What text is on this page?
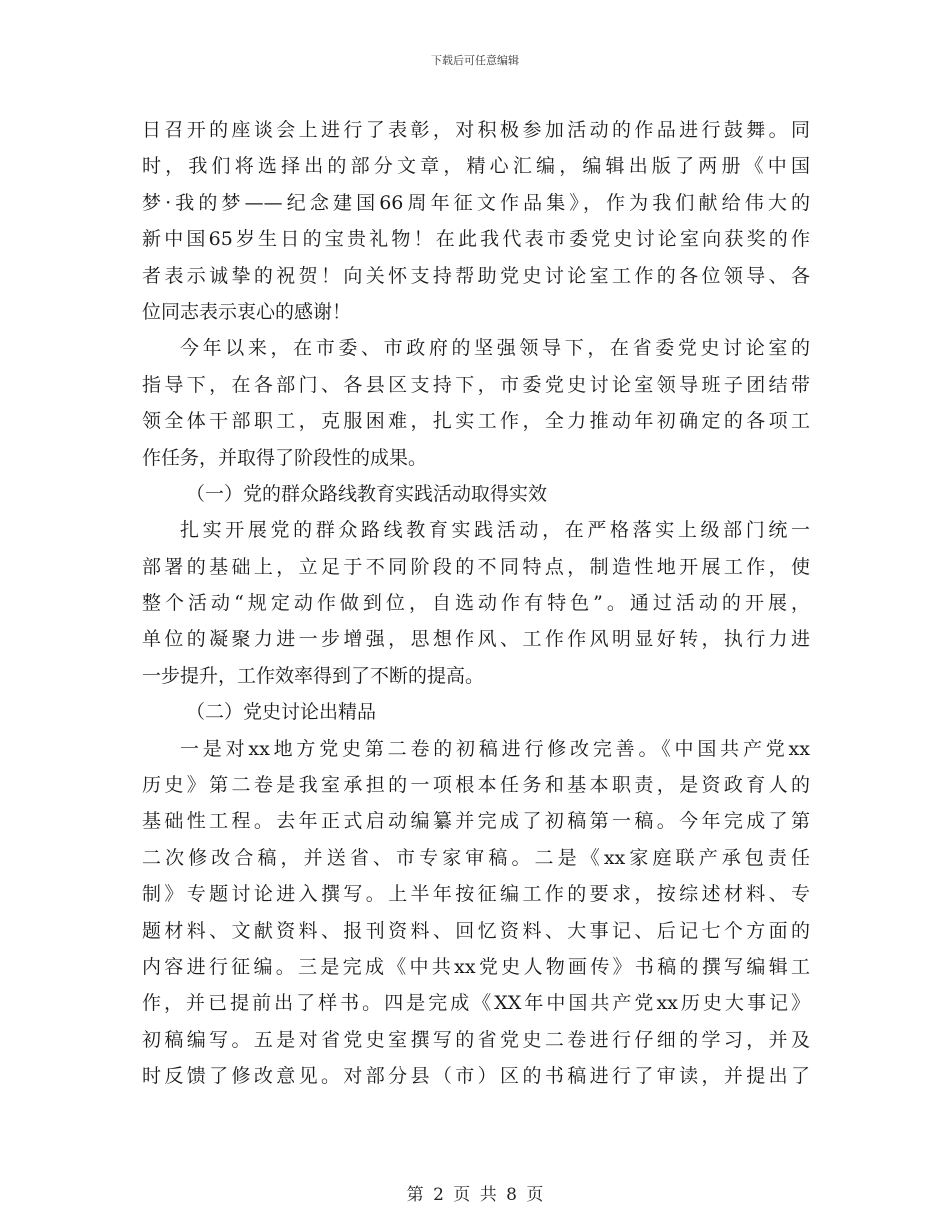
下载后可任意编辑
日召开的座谈会上进行了表彰，对积极参加活动的作品进行鼓舞。同
时，我们将选择出的部分文章，精心汇编，编辑出版了两册《中国
梦·我的梦——纪念建国66周年征文作品集》，作为我们献给伟大的
新中国65岁生日的宝贵礼物！在此我代表市委党史讨论室向获奖的作
者表示诚挚的祝贺！向关怀支持帮助党史讨论室工作的各位领导、各
位同志表示衷心的感谢！
今年以来，在市委、市政府的坚强领导下，在省委党史讨论室的
指导下，在各部门、各县区支持下，市委党史讨论室领导班子团结带
领全体干部职工，克服困难，扎实工作，全力推动年初确定的各项工
作任务，并取得了阶段性的成果。
（一）党的群众路线教育实践活动取得实效
扎实开展党的群众路线教育实践活动，在严格落实上级部门统一
部署的基础上，立足于不同阶段的不同特点，制造性地开展工作，使
整个活动“规定动作做到位，自选动作有特色”。通过活动的开展，
单位的凝聚力进一步增强，思想作风、工作作风明显好转，执行力进
一步提升，工作效率得到了不断的提高。
（二）党史讨论出精品
一是对xx地方党史第二卷的初稿进行修改完善。《中国共产党xx
历史》第二卷是我室承担的一项根本任务和基本职责，是资政育人的
基础性工程。去年正式启动编纂并完成了初稿第一稿。今年完成了第
二次修改合稿，并送省、市专家审稿。二是《xx家庭联产承包责任
制》专题讨论进入撰写。上半年按征编工作的要求，按综述材料、专
题材料、文献资料、报刊资料、回忆资料、大事记、后记七个方面的
内容进行征编。三是完成《中共xx党史人物画传》书稿的撰写编辑工
作，并已提前出了样书。四是完成《XX年中国共产党xx历史大事记》
初稿编写。五是对省党史室撰写的省党史二卷进行仔细的学习，并及
时反馈了修改意见。对部分县（市）区的书稿进行了审读，并提出了
第 2 页 共 8 页
